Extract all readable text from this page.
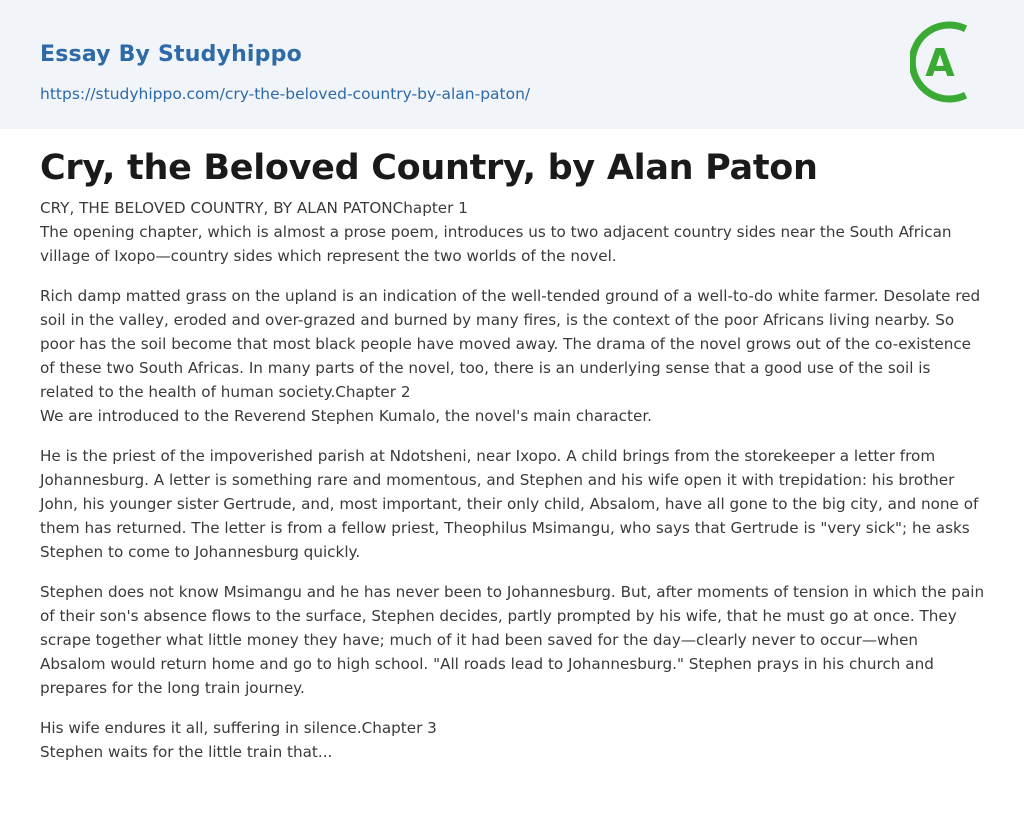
Essay By Studyhippo
https://studyhippo.com/cry-the-beloved-country-by-alan-paton/
A
Cry, the Beloved Country, by Alan Paton

CRY, THE BELOVED COUNTRY, BY ALAN PATONChapter 1
The opening chapter, which is almost a prose poem, introduces us to two adjacent country sides near the South African village of Ixopo—country sides which represent the two worlds of the novel.

Rich damp matted grass on the upland is an indication of the well-tended ground of a well-to-do white farmer. Desolate red soil in the valley, eroded and over-grazed and burned by many fires, is the context of the poor Africans living nearby. So poor has the soil become that most black people have moved away. The drama of the novel grows out of the co-existence of these two South Africas. In many parts of the novel, too, there is an underlying sense that a good use of the soil is related to the health of human society.Chapter 2
We are introduced to the Reverend Stephen Kumalo, the novel's main character.

He is the priest of the impoverished parish at Ndotsheni, near Ixopo. A child brings from the storekeeper a letter from Johannesburg. A letter is something rare and momentous, and Stephen and his wife open it with trepidation: his brother John, his younger sister Gertrude, and, most important, their only child, Absalom, have all gone to the big city, and none of them has returned. The letter is from a fellow priest, Theophilus Msimangu, who says that Gertrude is "very sick"; he asks Stephen to come to Johannesburg quickly.

Stephen does not know Msimangu and he has never been to Johannesburg. But, after moments of tension in which the pain of their son's absence flows to the surface, Stephen decides, partly prompted by his wife, that he must go at once. They scrape together what little money they have; much of it had been saved for the day—clearly never to occur—when Absalom would return home and go to high school. "All roads lead to Johannesburg." Stephen prays in his church and prepares for the long train journey.

His wife endures it all, suffering in silence.Chapter 3
Stephen waits for the little train that...
